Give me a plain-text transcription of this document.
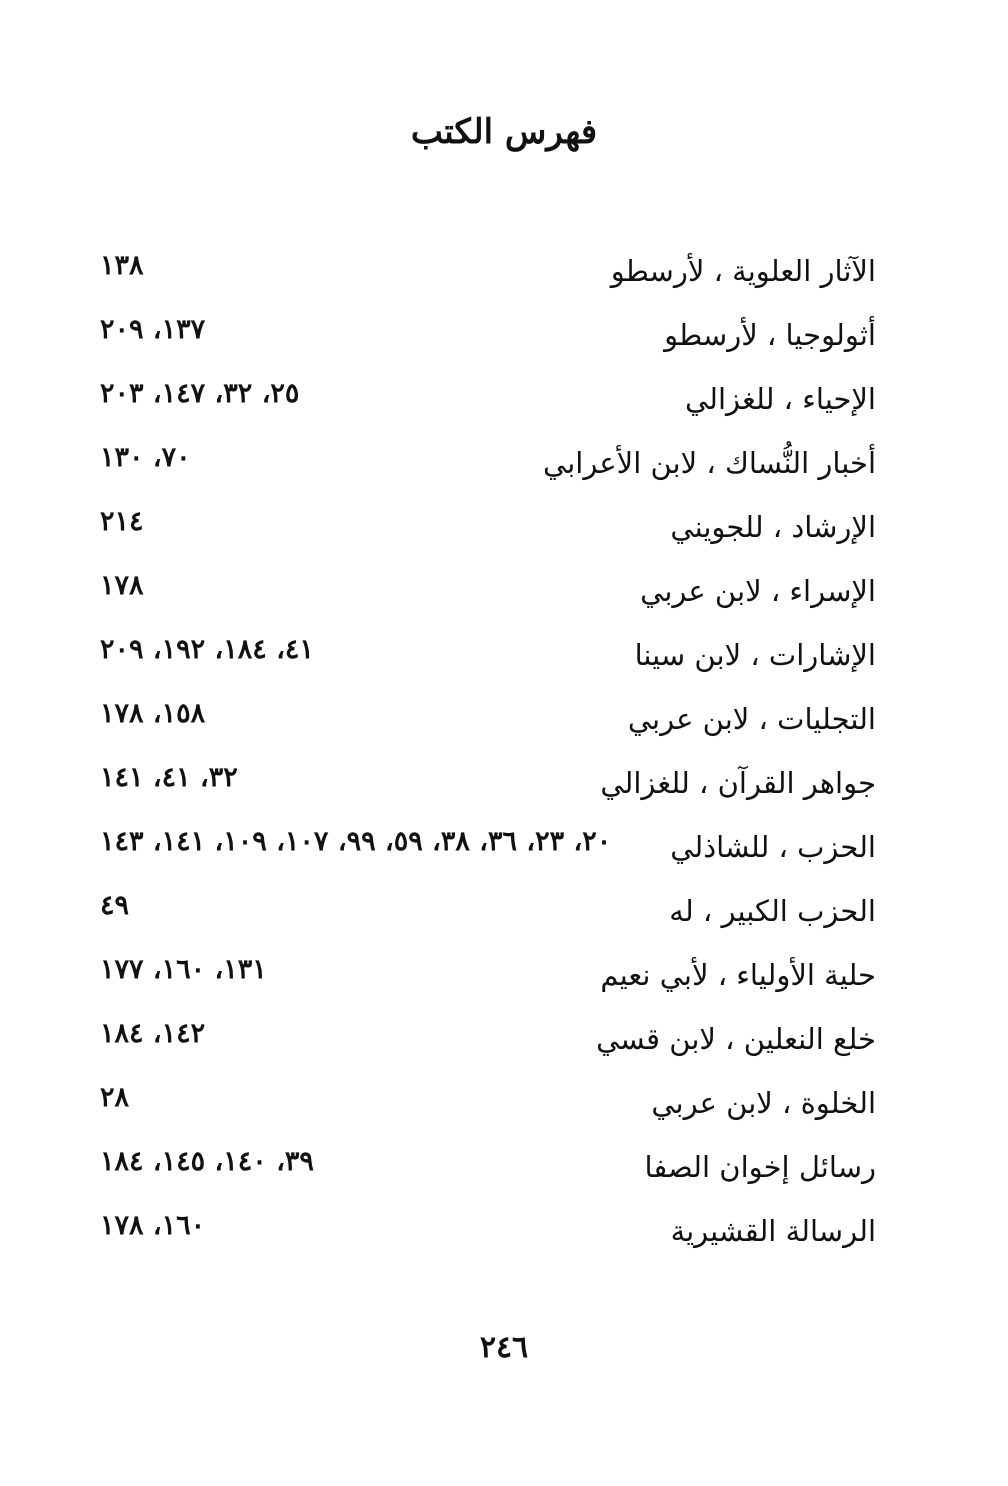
فهرس الكتب
الآثار العلوية ، لأرسطو
١٣٨
أثولوجيا ، لأرسطو
١٣٧، ٢٠٩
الإحياء ، للغزالي
٢٥، ٣٢، ١٤٧، ٢٠٣
أخبار النُّساك ، لابن الأعرابي
٧٠، ١٣٠
الإرشاد ، للجويني
٢١٤
الإسراء ، لابن عربي
١٧٨
الإشارات ، لابن سينا
٤١، ١٨٤، ١٩٢، ٢٠٩
التجليات ، لابن عربي
١٥٨، ١٧٨
جواهر القرآن ، للغزالي
٣٢، ٤١، ١٤١
الحزب ، للشاذلي
٢٠، ٢٣، ٣٦، ٣٨، ٥٩، ٩٩، ١٠٧، ١٠٩، ١٤١، ١٤٣
الحزب الكبير ، له
٤٩
حلية الأولياء ، لأبي نعيم
١٣١، ١٦٠، ١٧٧
خلع النعلين ، لابن قسي
١٤٢، ١٨٤
الخلوة ، لابن عربي
٢٨
رسائل إخوان الصفا
٣٩، ١٤٠، ١٤٥، ١٨٤
الرسالة القشيرية
١٦٠، ١٧٨
٢٤٦
